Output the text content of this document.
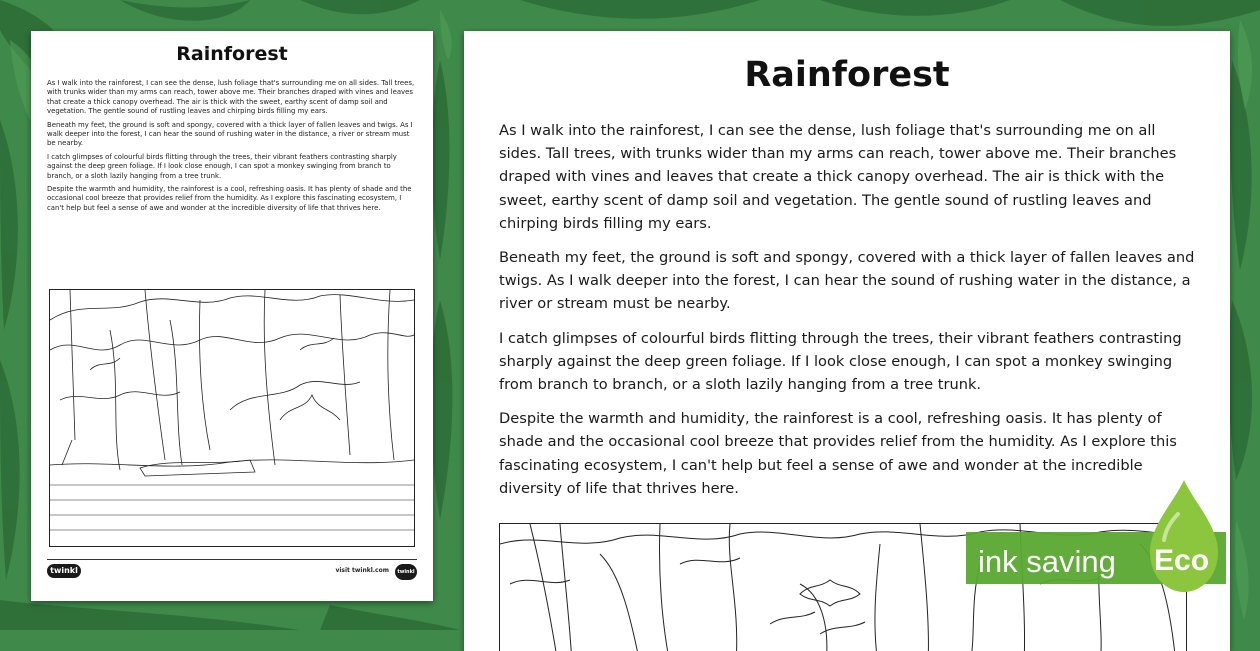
Rainforest

As I walk into the rainforest, I can see the dense, lush foliage that's surrounding me on all sides. Tall trees, with trunks wider than my arms can reach, tower above me. Their branches draped with vines and leaves that create a thick canopy overhead. The air is thick with the sweet, earthy scent of damp soil and vegetation. The gentle sound of rustling leaves and chirping birds filling my ears.

Beneath my feet, the ground is soft and spongy, covered with a thick layer of fallen leaves and twigs. As I walk deeper into the forest, I can hear the sound of rushing water in the distance, a river or stream must be nearby.

I catch glimpses of colourful birds flitting through the trees, their vibrant feathers contrasting sharply against the deep green foliage. If I look close enough, I can spot a monkey swinging from branch to branch, or a sloth lazily hanging from a tree trunk.

Despite the warmth and humidity, the rainforest is a cool, refreshing oasis. It has plenty of shade and the occasional cool breeze that provides relief from the humidity. As I explore this fascinating ecosystem, I can't help but feel a sense of awe and wonder at the incredible diversity of life that thrives here.

twinkl	visit twinkl.com	twinkl
Rainforest

As I walk into the rainforest, I can see the dense, lush foliage that's surrounding me on all sides. Tall trees, with trunks wider than my arms can reach, tower above me. Their branches draped with vines and leaves that create a thick canopy overhead. The air is thick with the sweet, earthy scent of damp soil and vegetation. The gentle sound of rustling leaves and chirping birds filling my ears.

Beneath my feet, the ground is soft and spongy, covered with a thick layer of fallen leaves and twigs. As I walk deeper into the forest, I can hear the sound of rushing water in the distance, a river or stream must be nearby.

I catch glimpses of colourful birds flitting through the trees, their vibrant feathers contrasting sharply against the deep green foliage. If I look close enough, I can spot a monkey swinging from branch to branch, or a sloth lazily hanging from a tree trunk.

Despite the warmth and humidity, the rainforest is a cool, refreshing oasis. It has plenty of shade and the occasional cool breeze that provides relief from the humidity. As I explore this fascinating ecosystem, I can't help but feel a sense of awe and wonder at the incredible diversity of life that thrives here.

ink saving Eco
